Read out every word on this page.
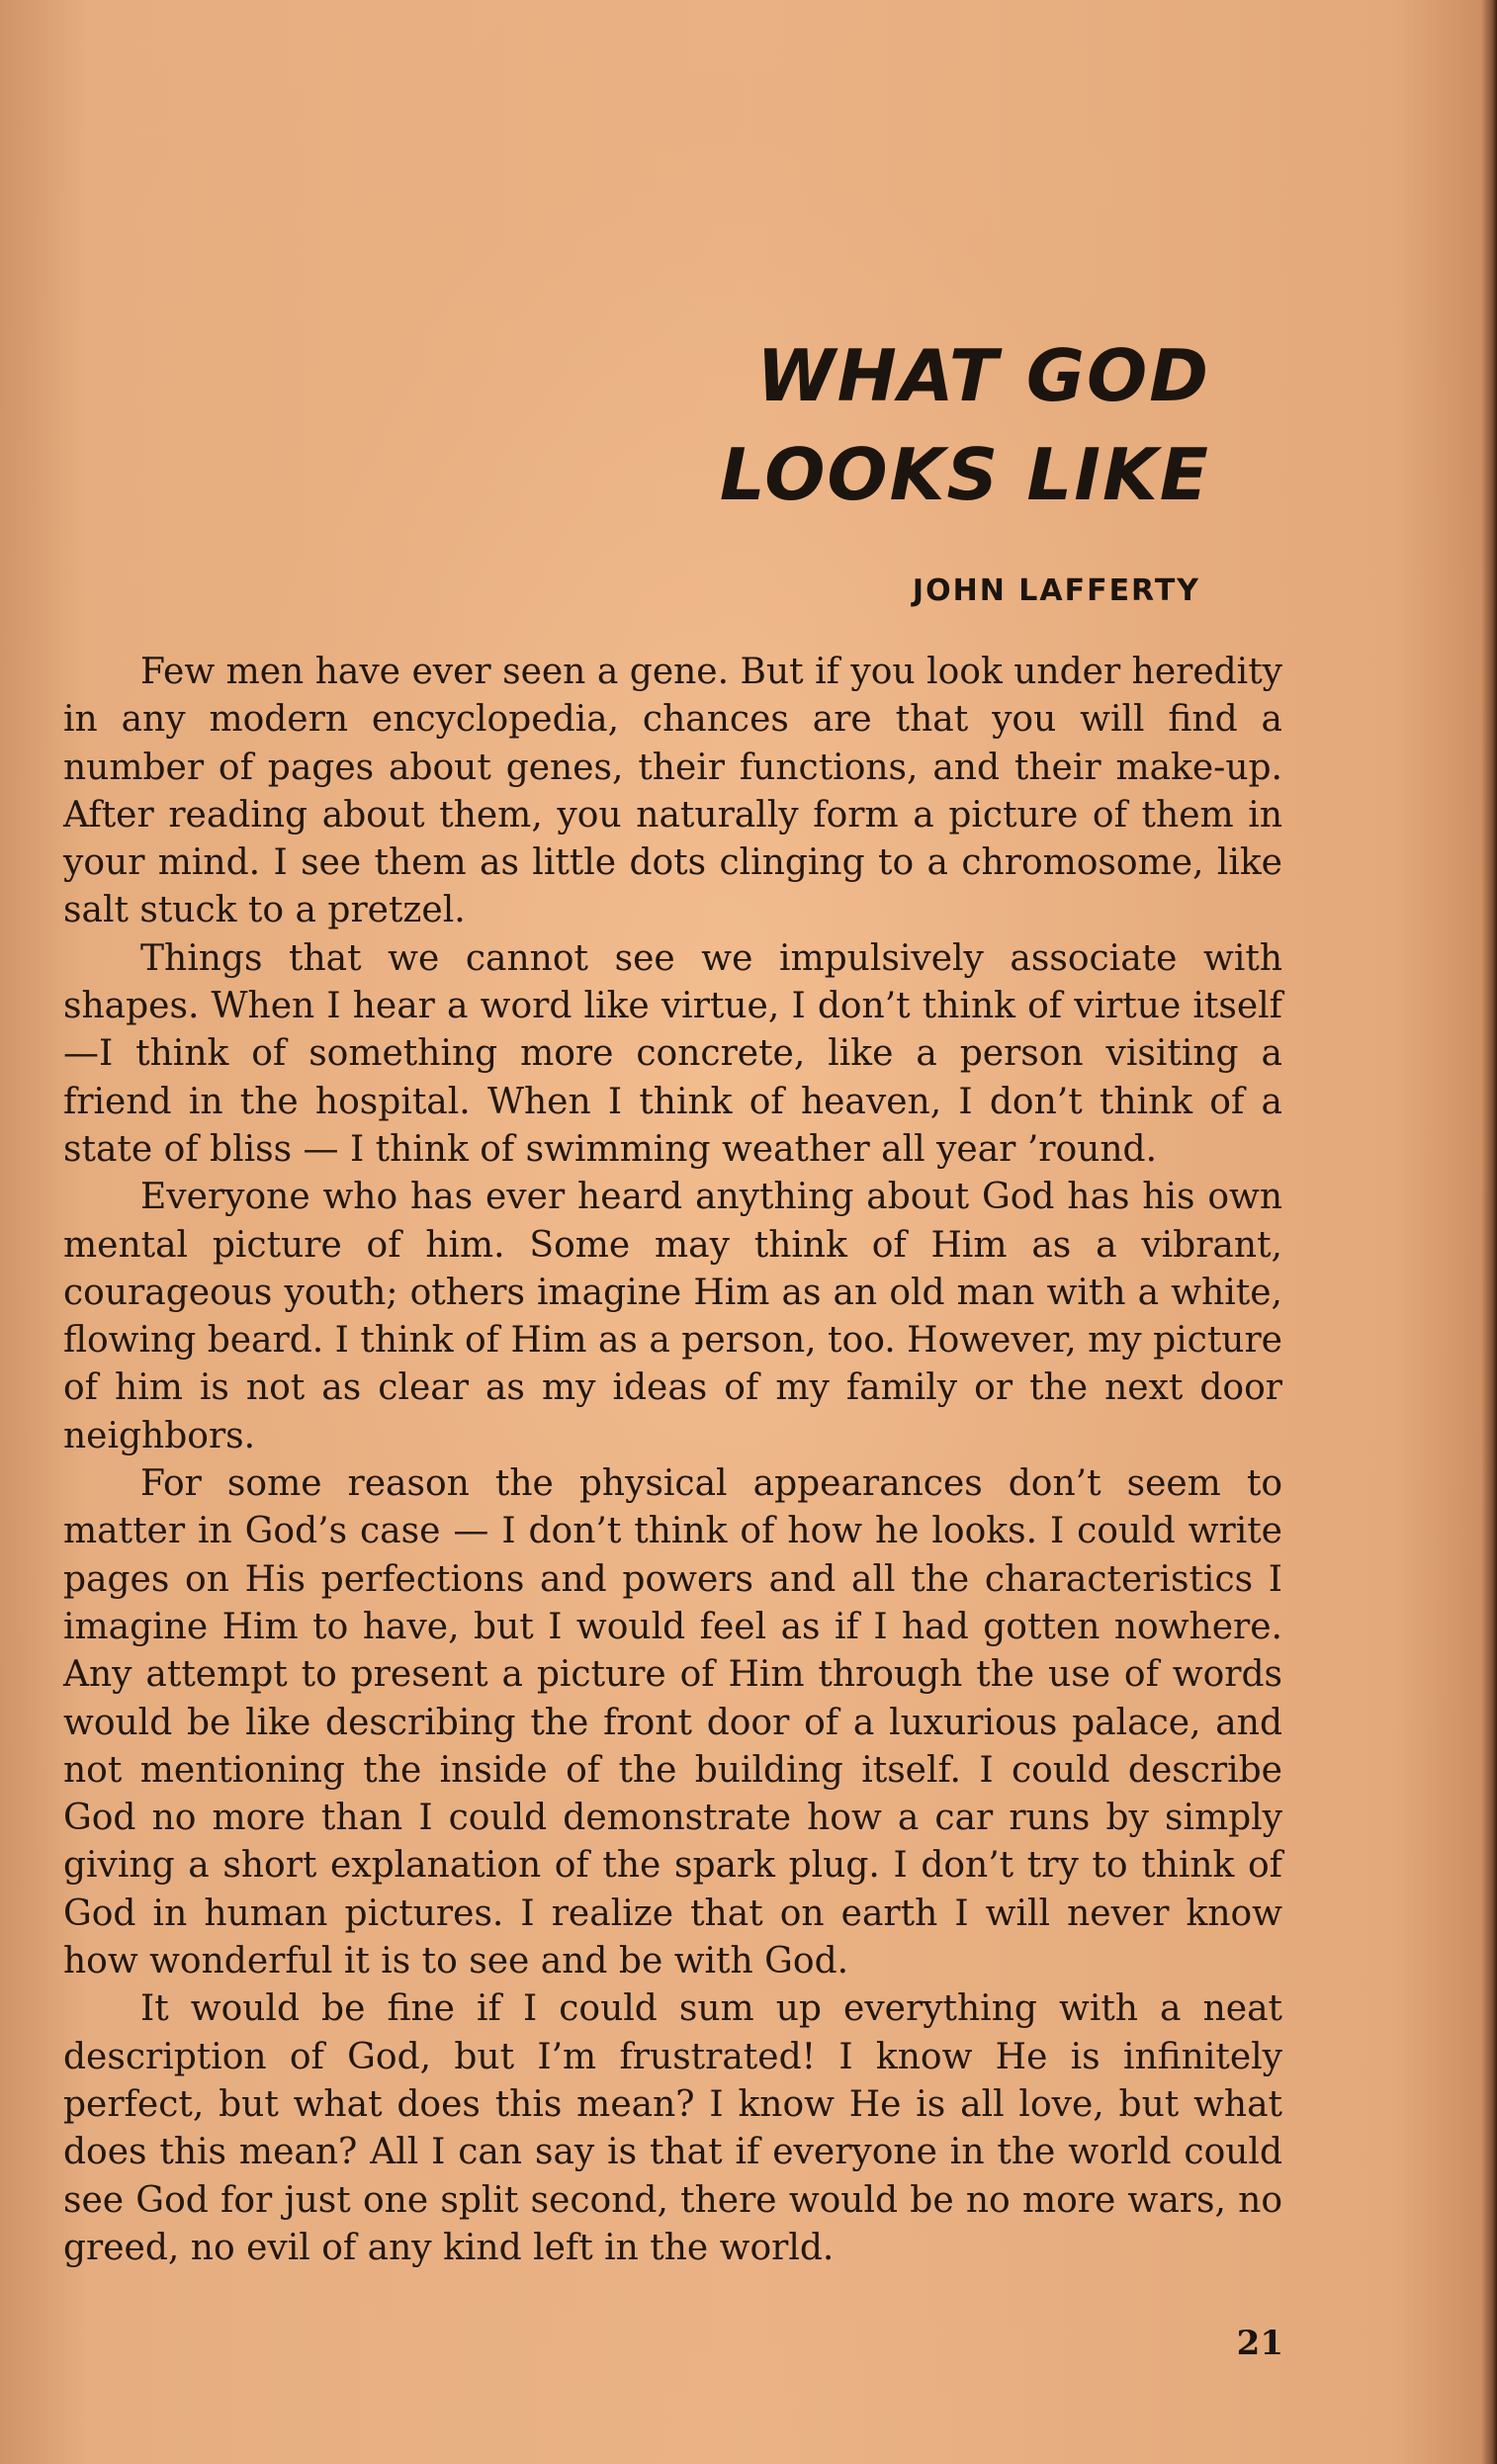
WHAT GOD
LOOKS LIKE
JOHN LAFFERTY

Few men have ever seen a gene. But if you look under heredity in any modern encyclopedia, chances are that you will find a number of pages about genes, their functions, and their make-up. After reading about them, you naturally form a picture of them in your mind. I see them as little dots clinging to a chromosome, like salt stuck to a pretzel.

Things that we cannot see we impulsively associate with shapes. When I hear a word like virtue, I don’t think of virtue itself —I think of something more concrete, like a person visiting a friend in the hospital. When I think of heaven, I don’t think of a state of bliss — I think of swimming weather all year ’round.

Everyone who has ever heard anything about God has his own mental picture of him. Some may think of Him as a vibrant, courageous youth; others imagine Him as an old man with a white, flowing beard. I think of Him as a person, too. However, my picture of him is not as clear as my ideas of my family or the next door neighbors.

For some reason the physical appearances don’t seem to matter in God’s case — I don’t think of how he looks. I could write pages on His perfections and powers and all the characteristics I imagine Him to have, but I would feel as if I had gotten nowhere. Any attempt to present a picture of Him through the use of words would be like describing the front door of a luxurious palace, and not mentioning the inside of the building itself. I could describe God no more than I could demonstrate how a car runs by simply giving a short explanation of the spark plug. I don’t try to think of God in human pictures. I realize that on earth I will never know how wonderful it is to see and be with God.

It would be fine if I could sum up everything with a neat description of God, but I’m frustrated! I know He is infinitely perfect, but what does this mean? I know He is all love, but what does this mean? All I can say is that if everyone in the world could see God for just one split second, there would be no more wars, no greed, no evil of any kind left in the world.

21
